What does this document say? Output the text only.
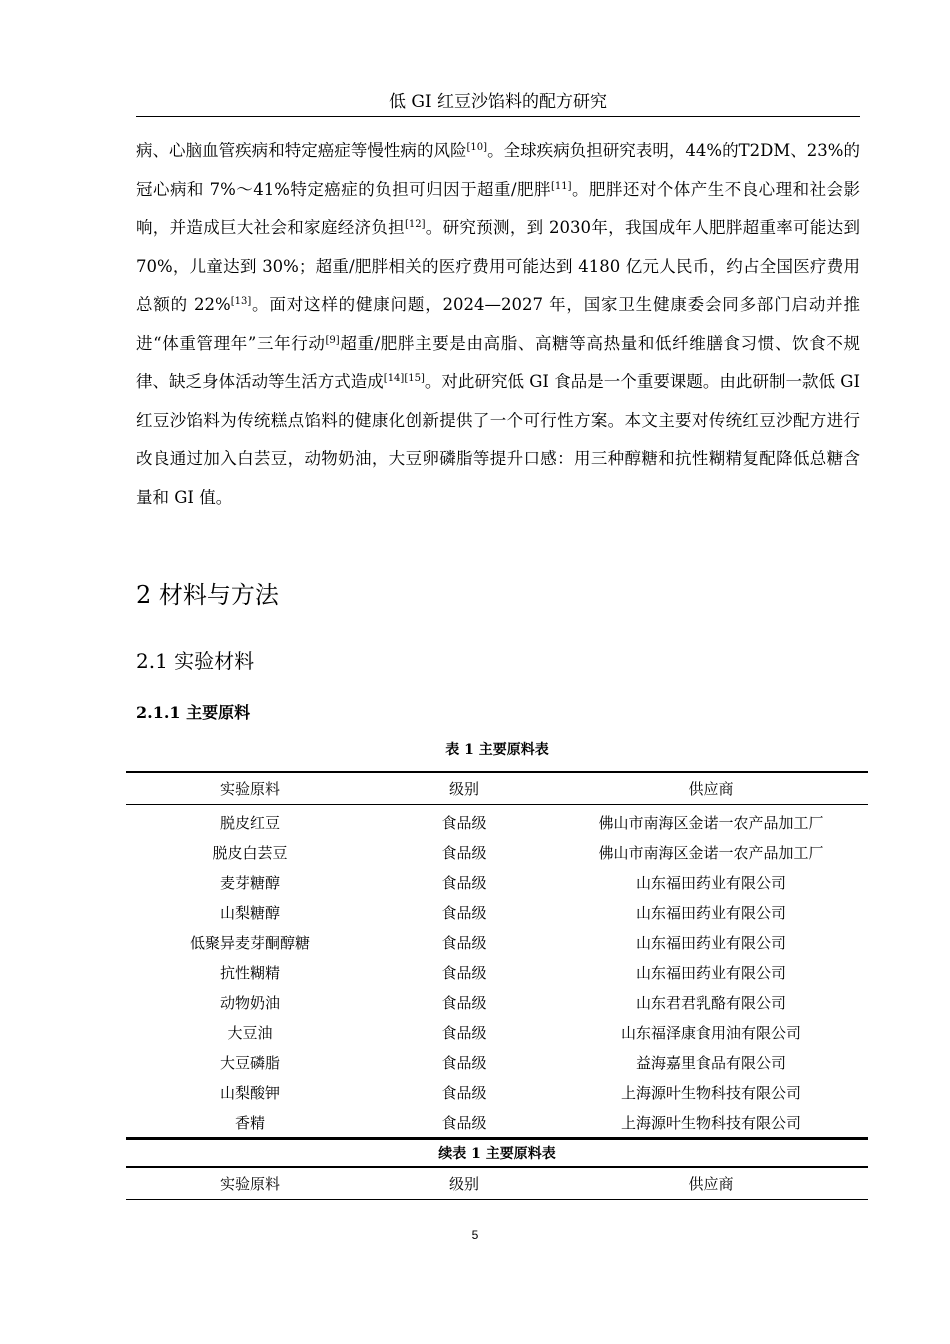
低 GI 红豆沙馅料的配方研究

病、心脑血管疾病和特定癌症等慢性病的风险[10]。全球疾病负担研究表明，44%的T2DM、23%的冠心病和 7%～41%特定癌症的负担可归因于超重/肥胖[11]。肥胖还对个体产生不良心理和社会影响，并造成巨大社会和家庭经济负担[12]。研究预测，到 2030年，我国成年人肥胖超重率可能达到 70%，儿童达到 30%；超重/肥胖相关的医疗费用可能达到 4180 亿元人民币，约占全国医疗费用总额的 22%[13]。面对这样的健康问题，2024—2027 年，国家卫生健康委会同多部门启动并推进“体重管理年”三年行动[9]超重/肥胖主要是由高脂、高糖等高热量和低纤维膳食习惯、饮食不规律、缺乏身体活动等生活方式造成[14][15]。对此研究低 GI 食品是一个重要课题。由此研制一款低 GI 红豆沙馅料为传统糕点馅料的健康化创新提供了一个可行性方案。本文主要对传统红豆沙配方进行改良通过加入白芸豆，动物奶油，大豆卵磷脂等提升口感：用三种醇糖和抗性糊精复配降低总糖含量和 GI 值。

2 材料与方法
2.1 实验材料
2.1.1 主要原料

表 1 主要原料表

实验原料	级别	供应商
脱皮红豆	食品级	佛山市南海区金诺一农产品加工厂
脱皮白芸豆	食品级	佛山市南海区金诺一农产品加工厂
麦芽糖醇	食品级	山东福田药业有限公司
山梨糖醇	食品级	山东福田药业有限公司
低聚异麦芽酮醇糖	食品级	山东福田药业有限公司
抗性糊精	食品级	山东福田药业有限公司
动物奶油	食品级	山东君君乳酪有限公司
大豆油	食品级	山东福泽康食用油有限公司
大豆磷脂	食品级	益海嘉里食品有限公司
山梨酸钾	食品级	上海源叶生物科技有限公司
香精	食品级	上海源叶生物科技有限公司

续表 1 主要原料表

实验原料	级别	供应商
5
